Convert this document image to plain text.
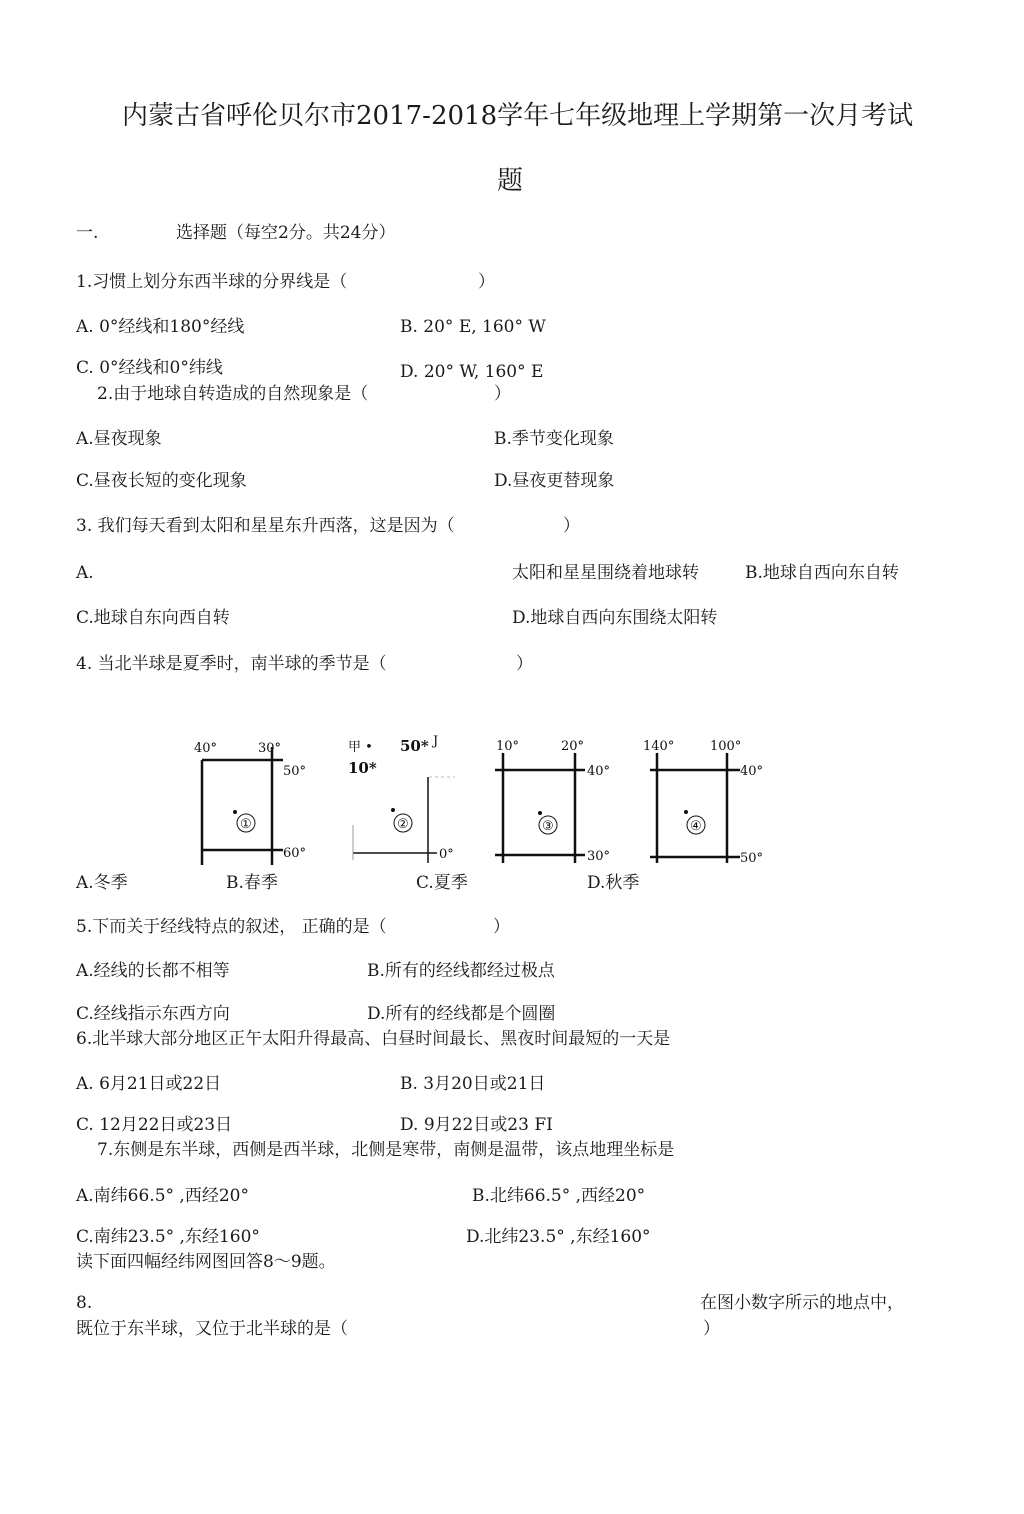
内蒙古省呼伦贝尔市2017-2018学年七年级地理上学期第一次月考试
题
一.	选择题（每空2分。共24分）
1.习惯上划分东西半球的分界线是（	）
A. 0°经线和180°经线	B. 20° E, 160° W
C. 0°经线和0°纬线	D. 20° W, 160° E
2.由于地球自转造成的自然现象是（	）
A.昼夜现象	B.季节变化现象
C.昼夜长短的变化现象	D.昼夜更替现象
3. 我们每天看到太阳和星星东升西落，这是因为（	）
A.	太阳和星星围绕着地球转	B.地球自西向东自转
C.地球自东向西自转	D.地球自西向东围绕太阳转
4. 当北半球是夏季时，南半球的季节是（	）
40°	30°
50°
60°
①
甲 • 50* J
10*
0°
②
10°	20°
40°
30°
③
140°	100°
40°
50°
④
A.冬季	B.春季	C.夏季	D.秋季
5.下而关于经线特点的叙述， 正确的是（	）
A.经线的长都不相等	B.所有的经线都经过极点
C.经线指示东西方向	D.所有的经线都是个圆圈
6.北半球大部分地区正午太阳升得最高、白昼时间最长、黑夜时间最短的一天是
A. 6月21日或22日	B. 3月20日或21日
C. 12月22日或23日	D. 9月22日或23 FI
7.东侧是东半球，西侧是西半球，北侧是寒带，南侧是温带，该点地理坐标是
A.南纬66.5° ,西经20°	B.北纬66.5° ,西经20°
C.南纬23.5° ,东经160°	D.北纬23.5° ,东经160°
读下面四幅经纬网图回答8～9题。
8.	在图小数字所示的地点中，
既位于东半球，又位于北半球的是（	）
